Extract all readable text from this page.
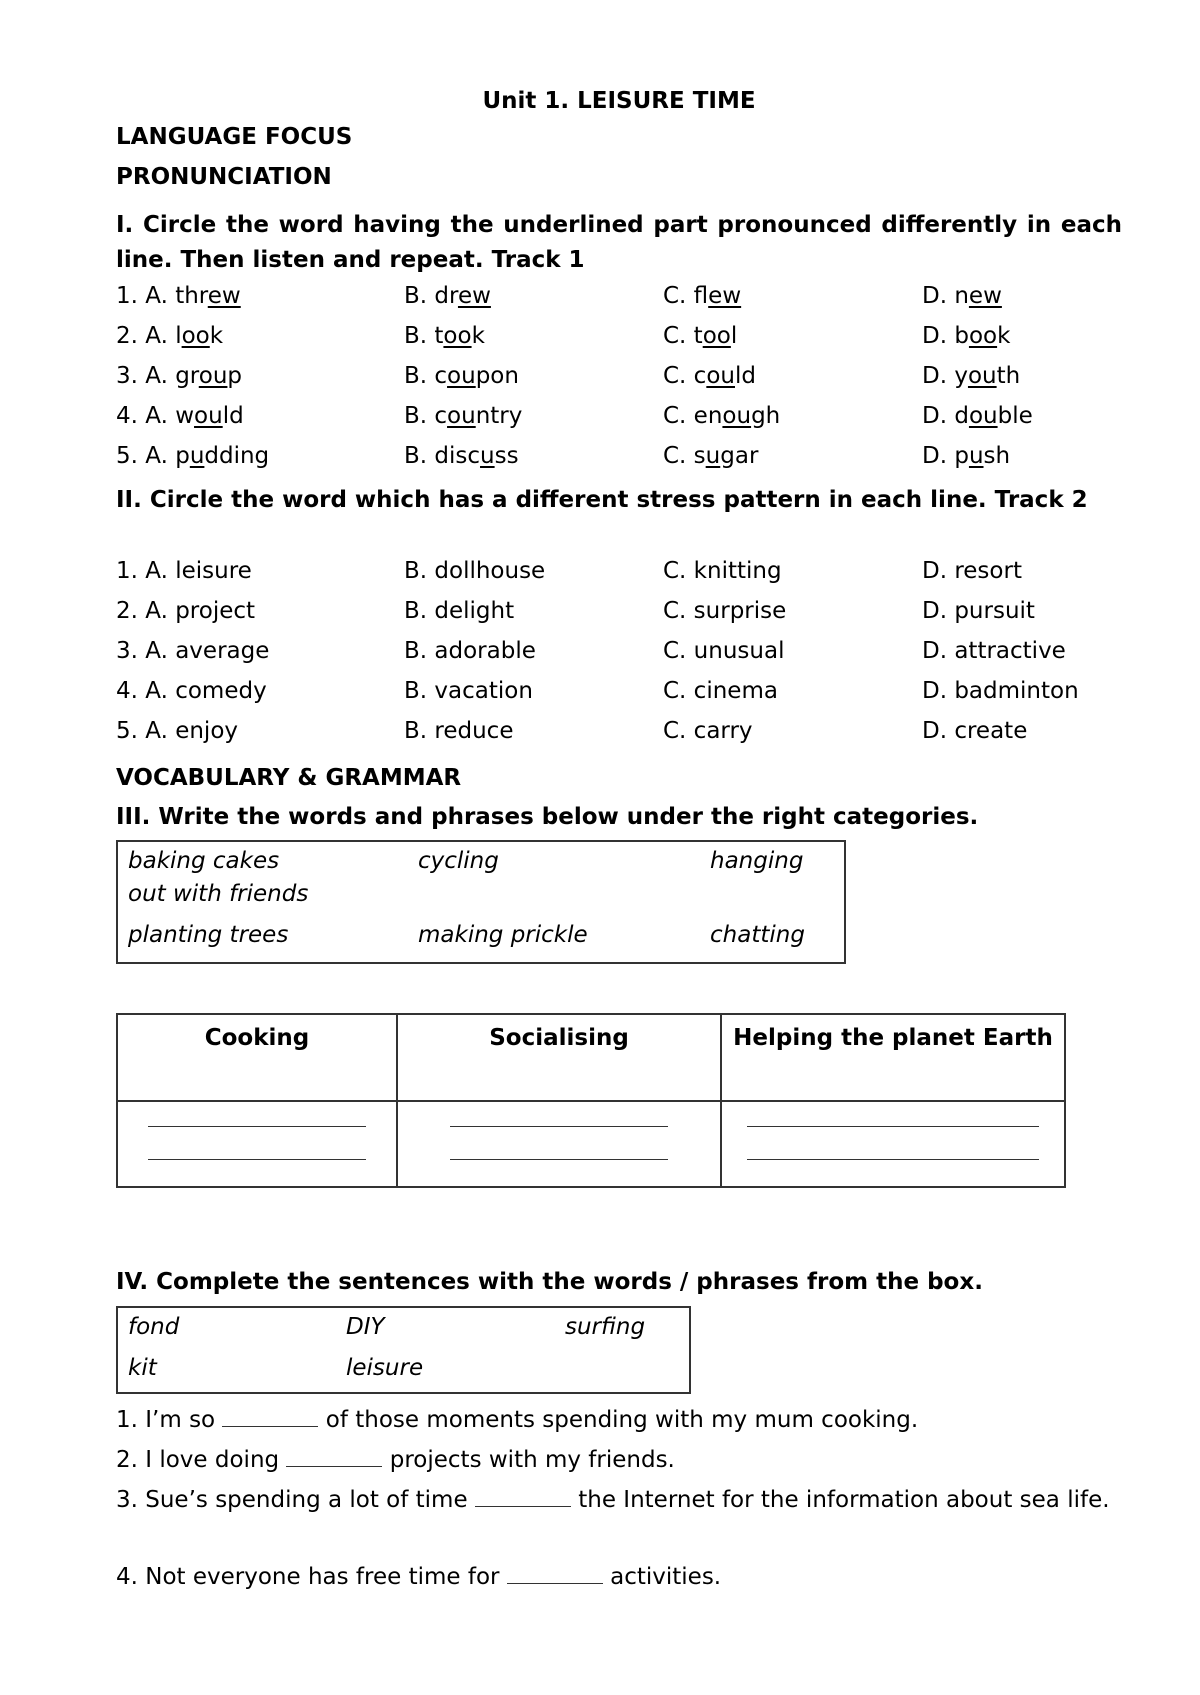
Unit 1. LEISURE TIME
LANGUAGE FOCUS
PRONUNCIATION
I. Circle the word having the underlined part pronounced differently in each line. Then listen and repeat. Track 1
1. A. threw	B. drew	C. flew	D. new
2. A. look	B. took	C. tool	D. book
3. A. group	B. coupon	C. could	D. youth
4. A. would	B. country	C. enough	D. double
5. A. pudding	B. discuss	C. sugar	D. push
II. Circle the word which has a different stress pattern in each line. Track 2
1. A. leisure	B. dollhouse	C. knitting	D. resort
2. A. project	B. delight	C. surprise	D. pursuit
3. A. average	B. adorable	C. unusual	D. attractive
4. A. comedy	B. vacation	C. cinema	D. badminton
5. A. enjoy	B. reduce	C. carry	D. create
VOCABULARY & GRAMMAR
III. Write the words and phrases below under the right categories.
baking cakes	cycling	hanging
out with friends
planting trees	making prickle	chatting
Cooking	Socialising	Helping the planet Earth

IV. Complete the sentences with the words / phrases from the box.
fond	DIY	surfing
kit	leisure
1. I’m so	of those moments spending with my mum cooking.
2. I love doing	projects with my friends.
3. Sue’s spending a lot of time	the Internet for the information about sea life.
4. Not everyone has free time for	activities.
